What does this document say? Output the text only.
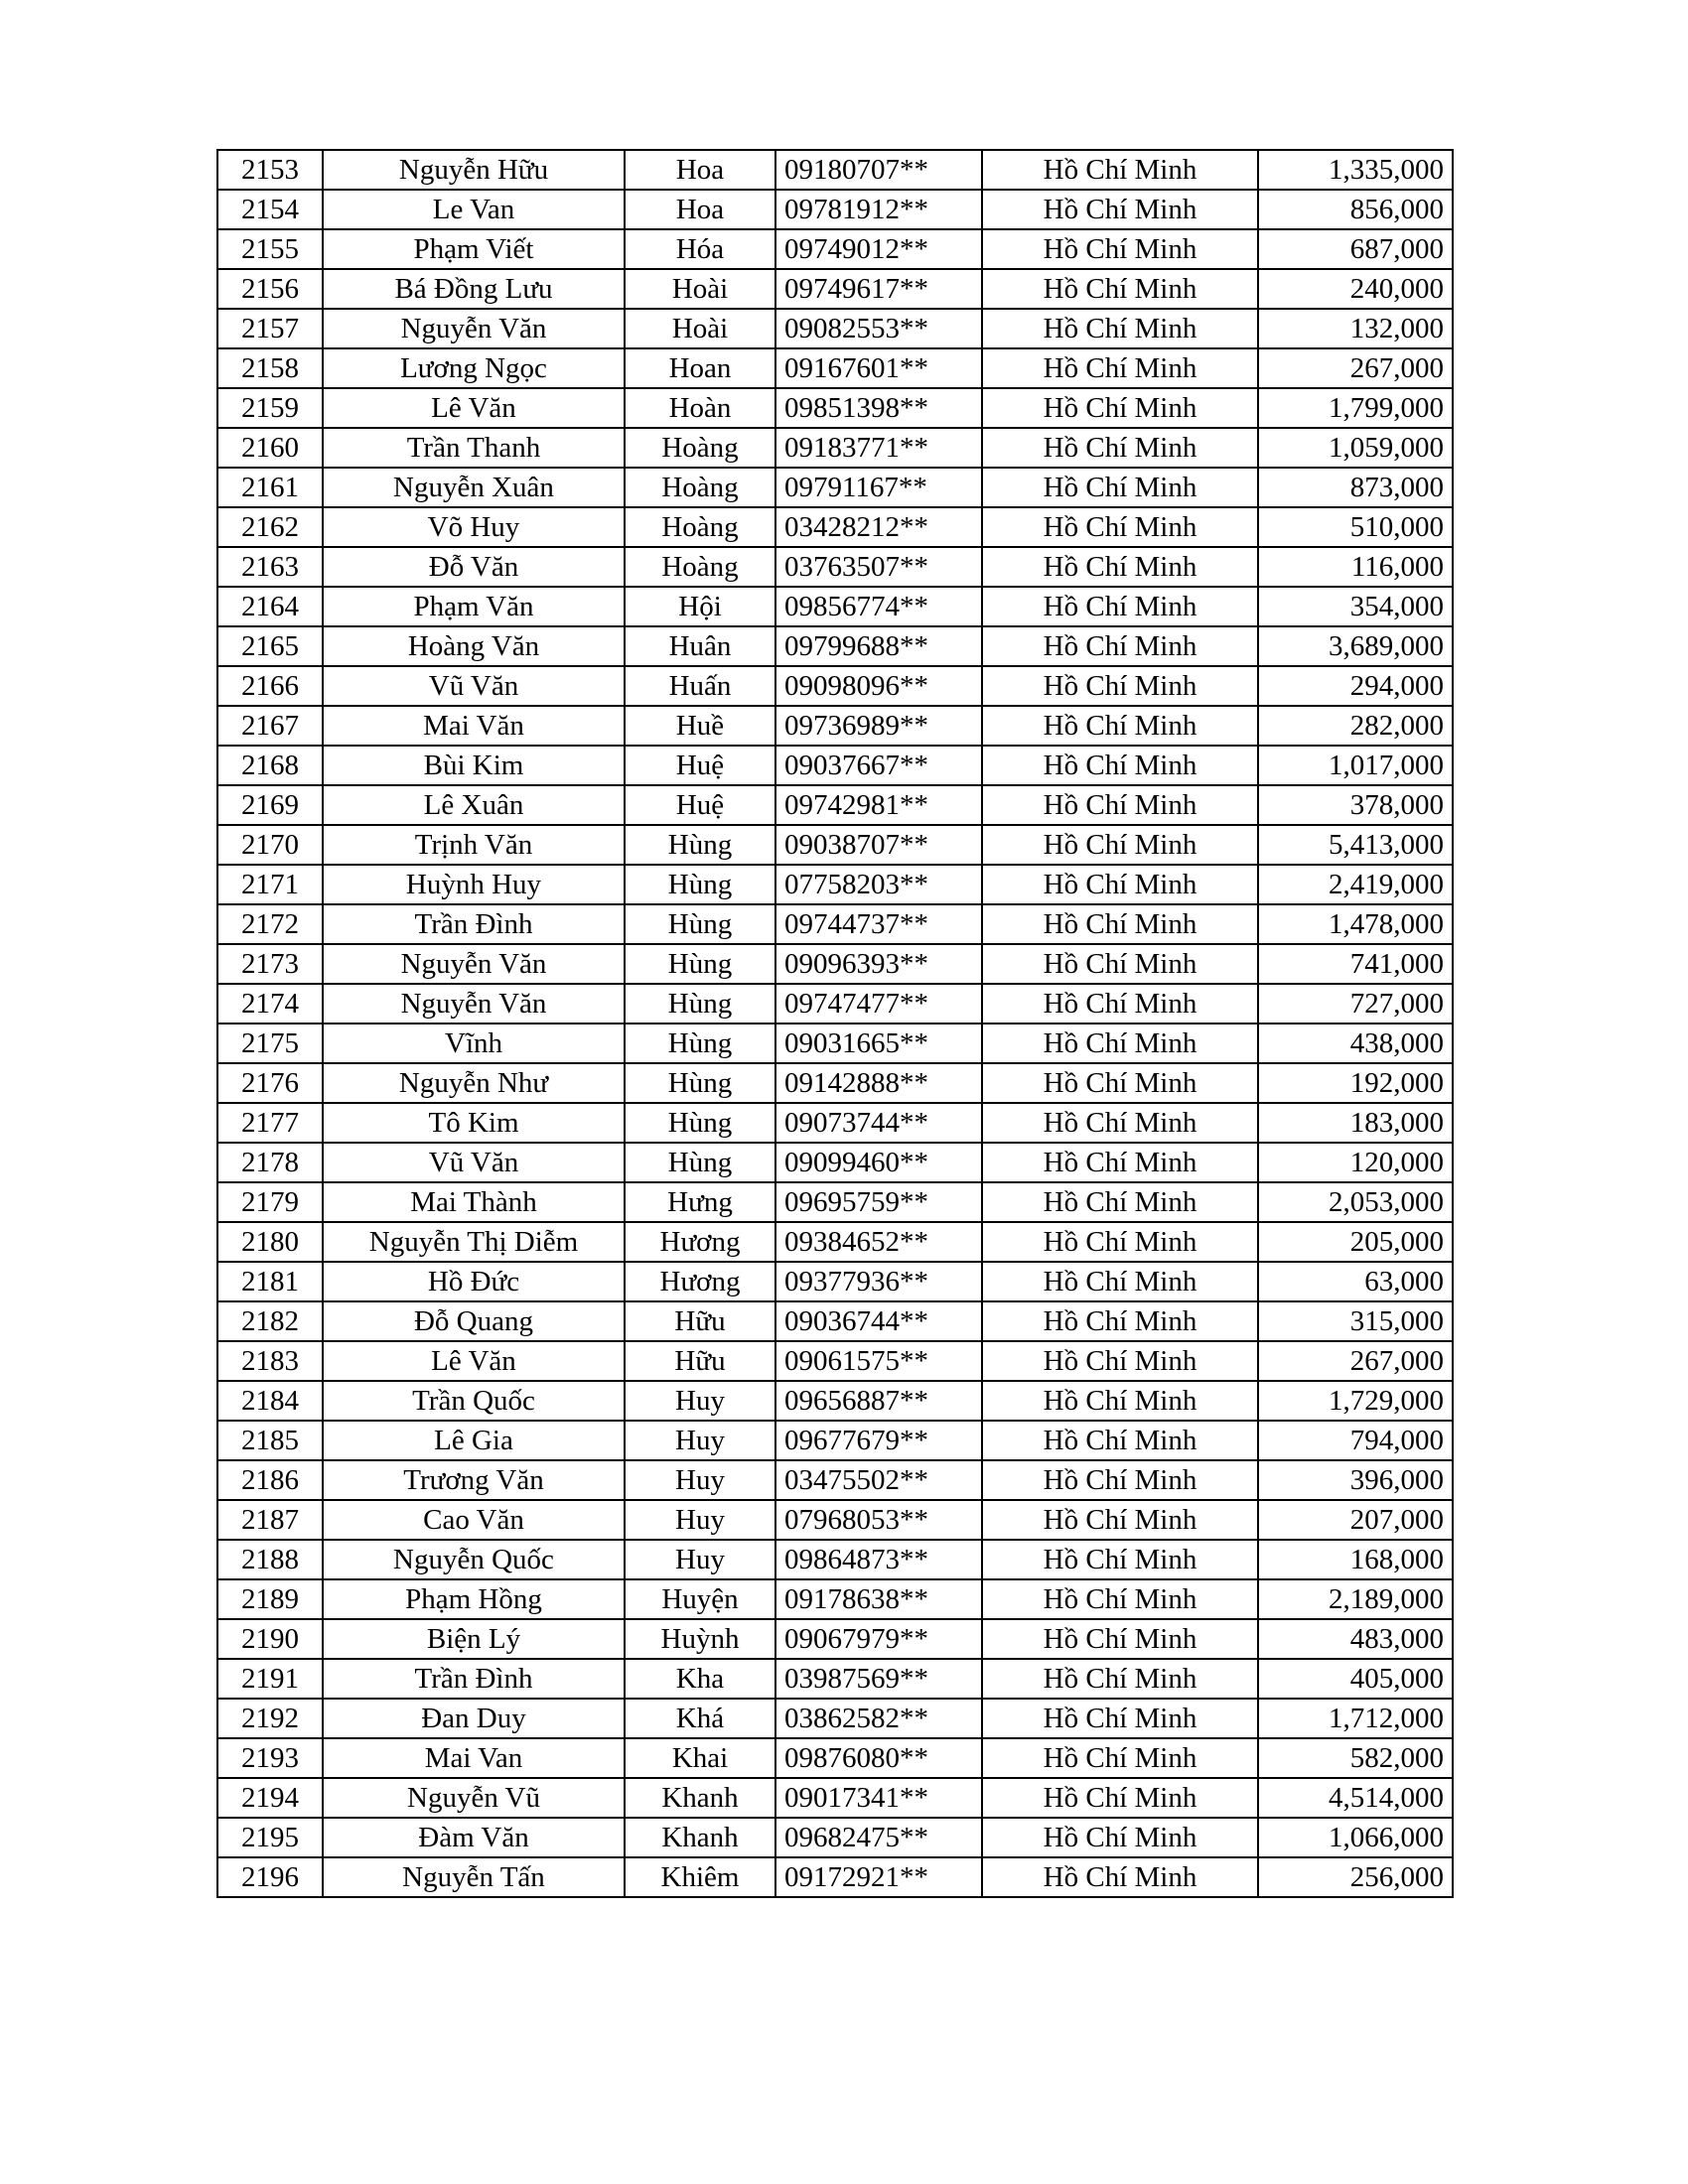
2153	Nguyễn Hữu	Hoa	09180707**	Hồ Chí Minh	1,335,000
2154	Le Van	Hoa	09781912**	Hồ Chí Minh	856,000
2155	Phạm Viết	Hóa	09749012**	Hồ Chí Minh	687,000
2156	Bá Đồng Lưu	Hoài	09749617**	Hồ Chí Minh	240,000
2157	Nguyễn Văn	Hoài	09082553**	Hồ Chí Minh	132,000
2158	Lương Ngọc	Hoan	09167601**	Hồ Chí Minh	267,000
2159	Lê Văn	Hoàn	09851398**	Hồ Chí Minh	1,799,000
2160	Trần Thanh	Hoàng	09183771**	Hồ Chí Minh	1,059,000
2161	Nguyễn Xuân	Hoàng	09791167**	Hồ Chí Minh	873,000
2162	Võ Huy	Hoàng	03428212**	Hồ Chí Minh	510,000
2163	Đỗ Văn	Hoàng	03763507**	Hồ Chí Minh	116,000
2164	Phạm Văn	Hội	09856774**	Hồ Chí Minh	354,000
2165	Hoàng Văn	Huân	09799688**	Hồ Chí Minh	3,689,000
2166	Vũ Văn	Huấn	09098096**	Hồ Chí Minh	294,000
2167	Mai Văn	Huề	09736989**	Hồ Chí Minh	282,000
2168	Bùi Kim	Huệ	09037667**	Hồ Chí Minh	1,017,000
2169	Lê Xuân	Huệ	09742981**	Hồ Chí Minh	378,000
2170	Trịnh Văn	Hùng	09038707**	Hồ Chí Minh	5,413,000
2171	Huỳnh Huy	Hùng	07758203**	Hồ Chí Minh	2,419,000
2172	Trần Đình	Hùng	09744737**	Hồ Chí Minh	1,478,000
2173	Nguyễn Văn	Hùng	09096393**	Hồ Chí Minh	741,000
2174	Nguyễn Văn	Hùng	09747477**	Hồ Chí Minh	727,000
2175	Vĩnh	Hùng	09031665**	Hồ Chí Minh	438,000
2176	Nguyễn Như	Hùng	09142888**	Hồ Chí Minh	192,000
2177	Tô Kim	Hùng	09073744**	Hồ Chí Minh	183,000
2178	Vũ Văn	Hùng	09099460**	Hồ Chí Minh	120,000
2179	Mai Thành	Hưng	09695759**	Hồ Chí Minh	2,053,000
2180	Nguyễn Thị Diễm	Hương	09384652**	Hồ Chí Minh	205,000
2181	Hồ Đức	Hương	09377936**	Hồ Chí Minh	63,000
2182	Đỗ Quang	Hữu	09036744**	Hồ Chí Minh	315,000
2183	Lê Văn	Hữu	09061575**	Hồ Chí Minh	267,000
2184	Trần Quốc	Huy	09656887**	Hồ Chí Minh	1,729,000
2185	Lê Gia	Huy	09677679**	Hồ Chí Minh	794,000
2186	Trương Văn	Huy	03475502**	Hồ Chí Minh	396,000
2187	Cao Văn	Huy	07968053**	Hồ Chí Minh	207,000
2188	Nguyễn Quốc	Huy	09864873**	Hồ Chí Minh	168,000
2189	Phạm Hồng	Huyện	09178638**	Hồ Chí Minh	2,189,000
2190	Biện Lý	Huỳnh	09067979**	Hồ Chí Minh	483,000
2191	Trần Đình	Kha	03987569**	Hồ Chí Minh	405,000
2192	Đan Duy	Khá	03862582**	Hồ Chí Minh	1,712,000
2193	Mai Van	Khai	09876080**	Hồ Chí Minh	582,000
2194	Nguyễn Vũ	Khanh	09017341**	Hồ Chí Minh	4,514,000
2195	Đàm Văn	Khanh	09682475**	Hồ Chí Minh	1,066,000
2196	Nguyễn Tấn	Khiêm	09172921**	Hồ Chí Minh	256,000
